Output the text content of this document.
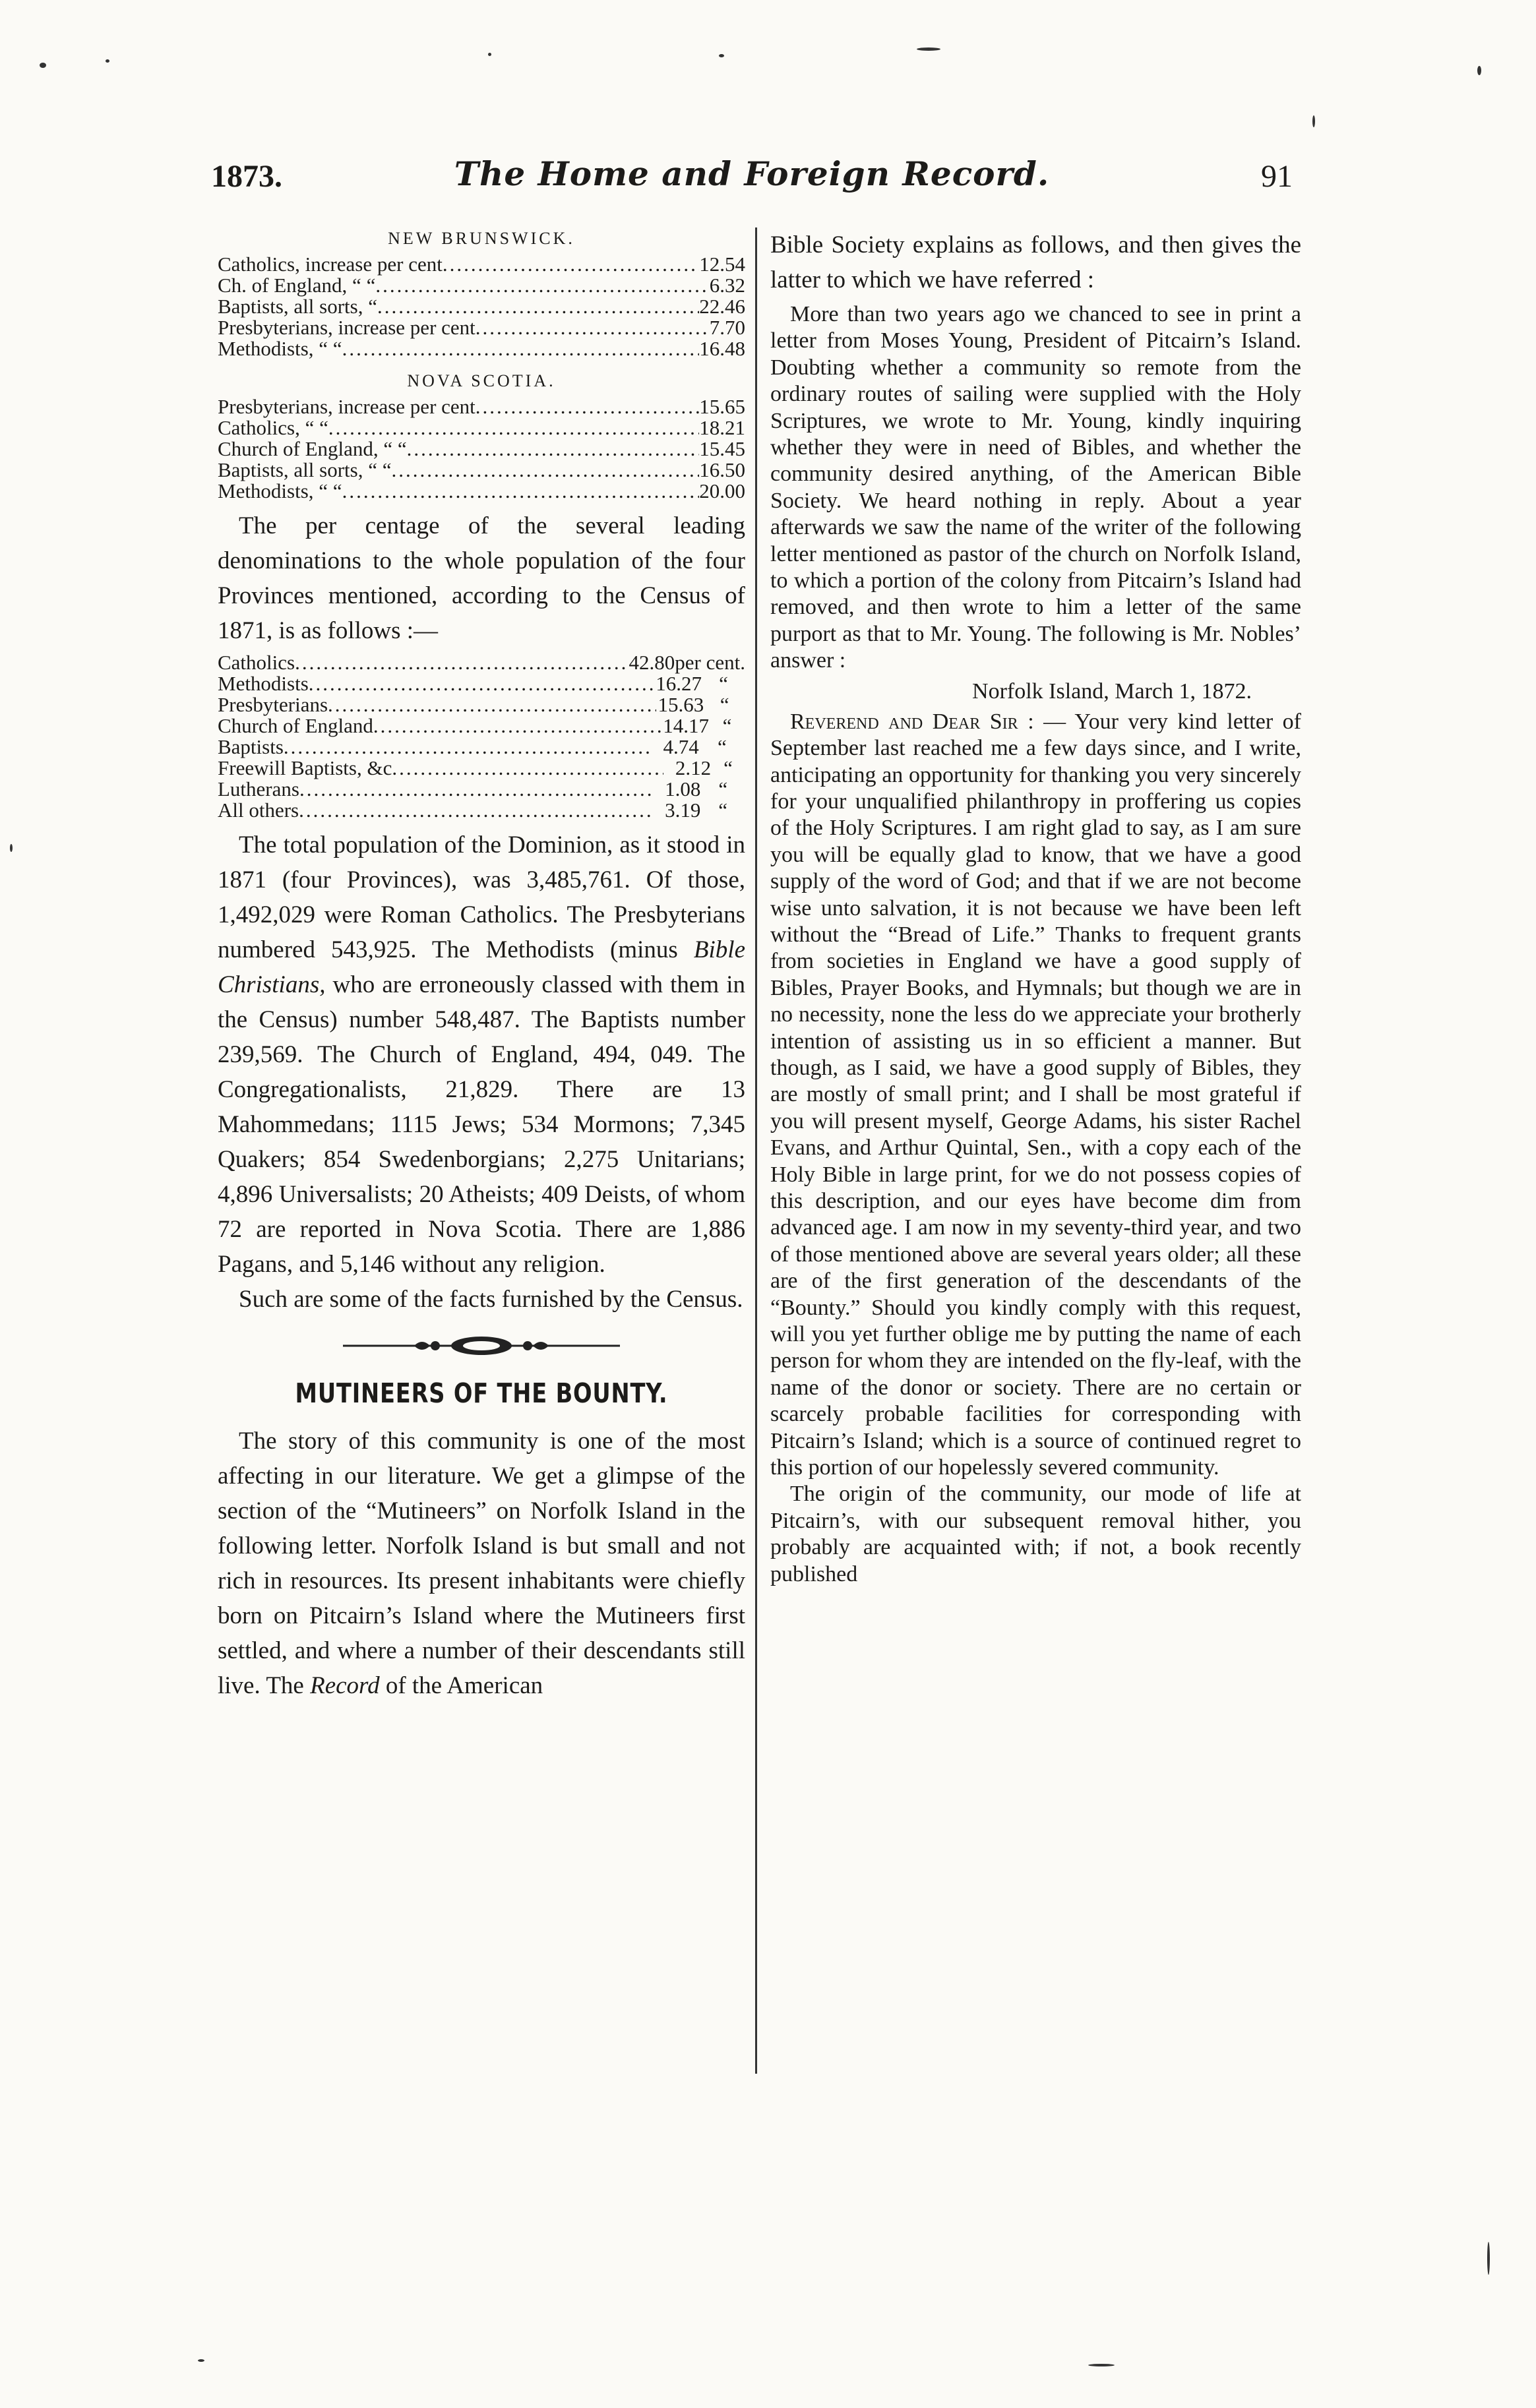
1873.	The Home and Foreign Record.	91
NEW BRUNSWICK.
Catholics, increase per cent .....	12.54
Ch. of England, “ “ .....	6.32
Baptists, all sorts, “ .....	22.46
Presbyterians, increase per cent .....	7.70
Methodists, “ “ .....	16.48
NOVA SCOTIA.
Presbyterians, increase per cent .....	15.65
Catholics, “ “ .....	18.21
Church of England, “ “ .....	15.45
Baptists, all sorts, “ “ .....	16.50
Methodists, “ “ .....	20.00

The per centage of the several leading denominations to the whole population of the four Provinces mentioned, according to the Census of 1871, is as follows :—

Catholics .....	42.80 per cent.
Methodists .....	16.27 “
Presbyterians .....	15.63 “
Church of England .....	14.17 “
Baptists .....	4.74 “
Freewill Baptists, &c .....	2.12 “
Lutherans .....	1.08 “
All others .....	3.19 “

The total population of the Dominion, as it stood in 1871 (four Provinces), was 3,485,761. Of those, 1,492,029 were Roman Catholics. The Presbyterians numbered 543,925. The Methodists (minus Bible Christians, who are erroneously classed with them in the Census) number 548,487. The Baptists number 239,569. The Church of England, 494, 049. The Congregationalists, 21,829. There are 13 Mahommedans; 1115 Jews; 534 Mormons; 7,345 Quakers; 854 Swedenborgians; 2,275 Unitarians; 4,896 Universalists; 20 Atheists; 409 Deists, of whom 72 are reported in Nova Scotia. There are 1,886 Pagans, and 5,146 without any religion.

Such are some of the facts furnished by the Census.

MUTINEERS OF THE BOUNTY.

The story of this community is one of the most affecting in our literature. We get a glimpse of the section of the “Mutineers” on Norfolk Island in the following letter. Norfolk Island is but small and not rich in resources. Its present inhabitants were chiefly born on Pitcairn’s Island where the Mutineers first settled, and where a number of their descendants still live. The Record of the American

Bible Society explains as follows, and then gives the latter to which we have referred :

More than two years ago we chanced to see in print a letter from Moses Young, President of Pitcairn’s Island. Doubting whether a community so remote from the ordinary routes of sailing were supplied with the Holy Scriptures, we wrote to Mr. Young, kindly inquiring whether they were in need of Bibles, and whether the community desired anything, of the American Bible Society. We heard nothing in reply. About a year afterwards we saw the name of the writer of the following letter mentioned as pastor of the church on Norfolk Island, to which a portion of the colony from Pitcairn’s Island had removed, and then wrote to him a letter of the same purport as that to Mr. Young. The following is Mr. Nobles’ answer :

Norfolk Island, March 1, 1872.

Reverend and Dear Sir : — Your very kind letter of September last reached me a few days since, and I write, anticipating an opportunity for thanking you very sincerely for your unqualified philanthropy in proffering us copies of the Holy Scriptures. I am right glad to say, as I am sure you will be equally glad to know, that we have a good supply of the word of God; and that if we are not become wise unto salvation, it is not because we have been left without the “Bread of Life.” Thanks to frequent grants from societies in England we have a good supply of Bibles, Prayer Books, and Hymnals; but though we are in no necessity, none the less do we appreciate your brotherly intention of assisting us in so efficient a manner. But though, as I said, we have a good supply of Bibles, they are mostly of small print; and I shall be most grateful if you will present myself, George Adams, his sister Rachel Evans, and Arthur Quintal, Sen., with a copy each of the Holy Bible in large print, for we do not possess copies of this description, and our eyes have become dim from advanced age. I am now in my seventy-third year, and two of those mentioned above are several years older; all these are of the first generation of the descendants of the “Bounty.” Should you kindly comply with this request, will you yet further oblige me by putting the name of each person for whom they are intended on the fly-leaf, with the name of the donor or society. There are no certain or scarcely probable facilities for corresponding with Pitcairn’s Island; which is a source of continued regret to this portion of our hopelessly severed community.

The origin of the community, our mode of life at Pitcairn’s, with our subsequent removal hither, you probably are acquainted with; if not, a book recently published
